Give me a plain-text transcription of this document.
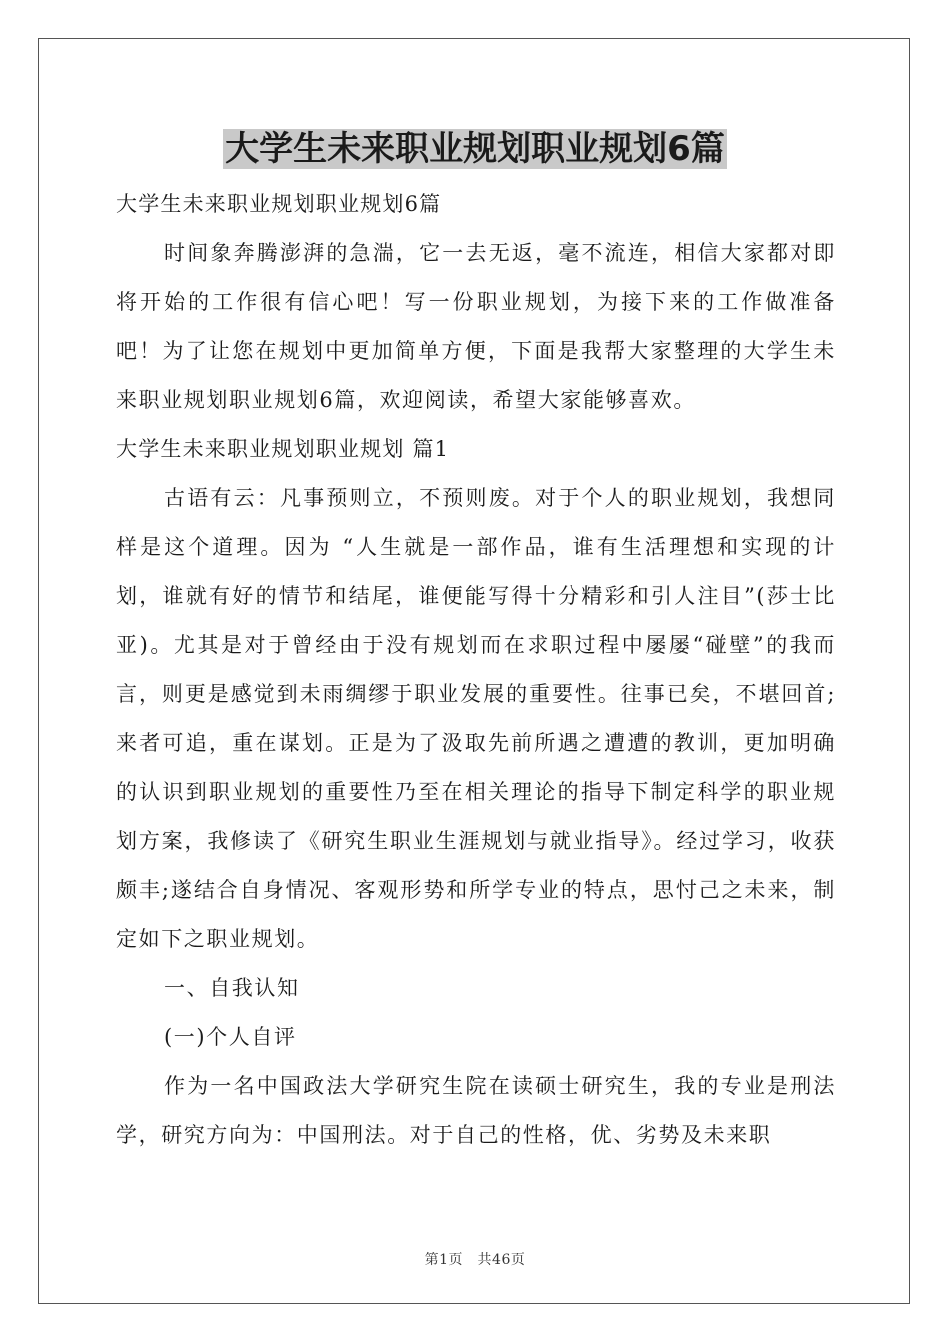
大学生未来职业规划职业规划6篇

大学生未来职业规划职业规划6篇

时间象奔腾澎湃的急湍，它一去无返，毫不流连，相信大家都对即将开始的工作很有信心吧！写一份职业规划，为接下来的工作做准备吧！为了让您在规划中更加简单方便，下面是我帮大家整理的大学生未来职业规划职业规划6篇，欢迎阅读，希望大家能够喜欢。

大学生未来职业规划职业规划 篇1

古语有云：凡事预则立，不预则废。对于个人的职业规划，我想同样是这个道理。因为 “人生就是一部作品，谁有生活理想和实现的计划，谁就有好的情节和结尾，谁便能写得十分精彩和引人注目”(莎士比亚)。尤其是对于曾经由于没有规划而在求职过程中屡屡“碰壁”的我而言，则更是感觉到未雨绸缪于职业发展的重要性。往事已矣，不堪回首;来者可追，重在谋划。正是为了汲取先前所遇之遭遭的教训，更加明确的认识到职业规划的重要性乃至在相关理论的指导下制定科学的职业规划方案，我修读了《研究生职业生涯规划与就业指导》。经过学习，收获颇丰;遂结合自身情况、客观形势和所学专业的特点，思忖己之未来，制定如下之职业规划。

一、自我认知

(一)个人自评

作为一名中国政法大学研究生院在读硕士研究生，我的专业是刑法学，研究方向为：中国刑法。对于自己的性格，优、劣势及未来职

第1页　共46页
